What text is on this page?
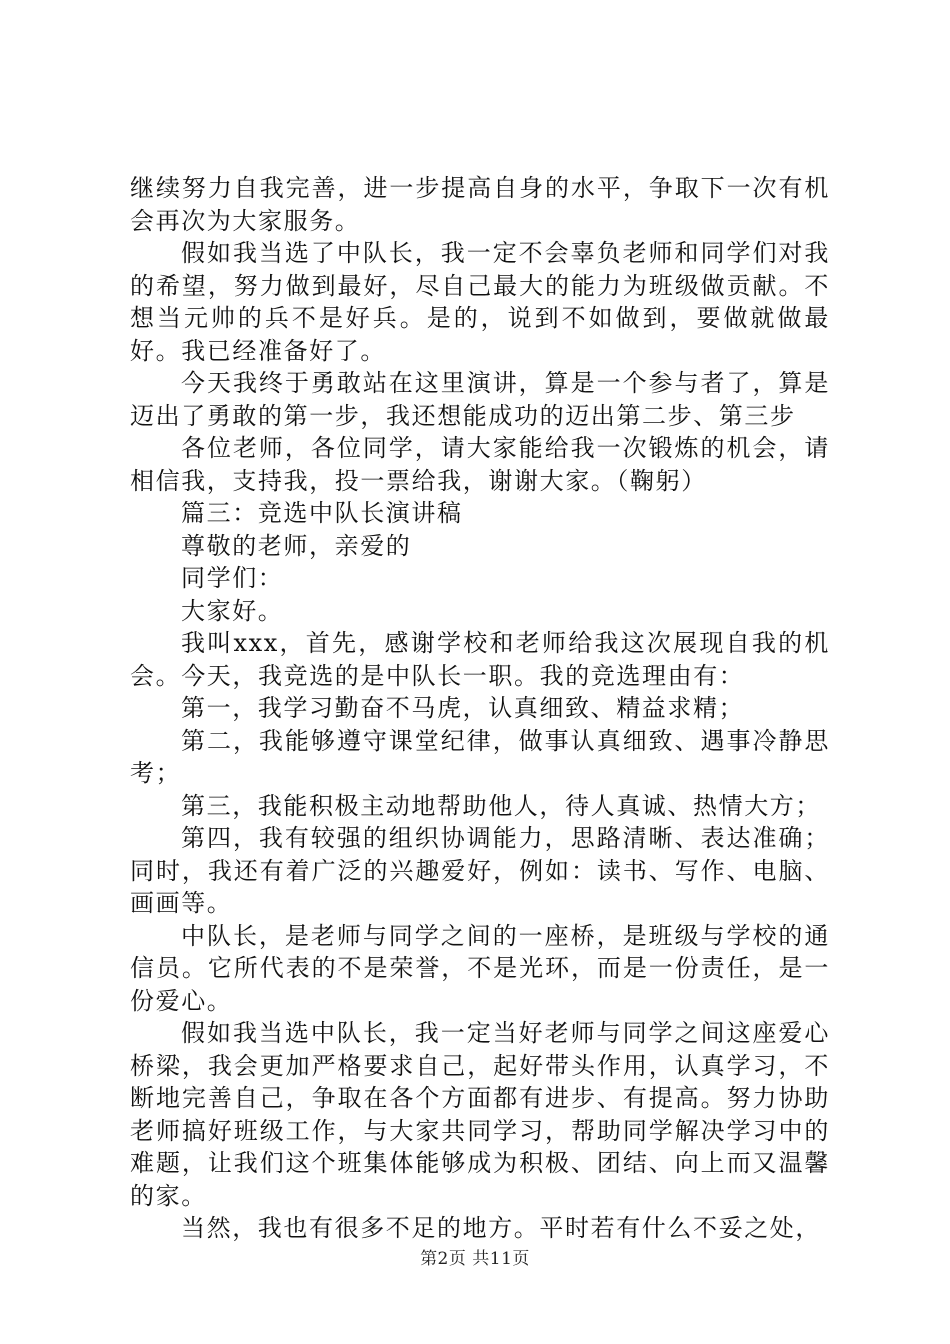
继续努力自我完善，进一步提高自身的水平，争取下一次有机会再次为大家服务。

假如我当选了中队长，我一定不会辜负老师和同学们对我的希望，努力做到最好，尽自己最大的能力为班级做贡献。不想当元帅的兵不是好兵。是的，说到不如做到，要做就做最好。我已经准备好了。

今天我终于勇敢站在这里演讲，算是一个参与者了，算是迈出了勇敢的第一步，我还想能成功的迈出第二步、第三步

各位老师，各位同学，请大家能给我一次锻炼的机会，请相信我，支持我，投一票给我，谢谢大家。（鞠躬）

篇三：竞选中队长演讲稿

尊敬的老师，亲爱的

同学们：

大家好。

我叫xxx，首先，感谢学校和老师给我这次展现自我的机会。今天，我竞选的是中队长一职。我的竞选理由有：

第一，我学习勤奋不马虎，认真细致、精益求精；

第二，我能够遵守课堂纪律，做事认真细致、遇事冷静思考；

第三，我能积极主动地帮助他人，待人真诚、热情大方；

第四，我有较强的组织协调能力，思路清晰、表达准确；同时，我还有着广泛的兴趣爱好，例如：读书、写作、电脑、画画等。

中队长，是老师与同学之间的一座桥，是班级与学校的通信员。它所代表的不是荣誉，不是光环，而是一份责任，是一份爱心。

假如我当选中队长，我一定当好老师与同学之间这座爱心桥梁，我会更加严格要求自己，起好带头作用，认真学习，不断地完善自己，争取在各个方面都有进步、有提高。努力协助老师搞好班级工作，与大家共同学习，帮助同学解决学习中的难题，让我们这个班集体能够成为积极、团结、向上而又温馨的家。

当然，我也有很多不足的地方。平时若有什么不妥之处，

第2页 共11页
